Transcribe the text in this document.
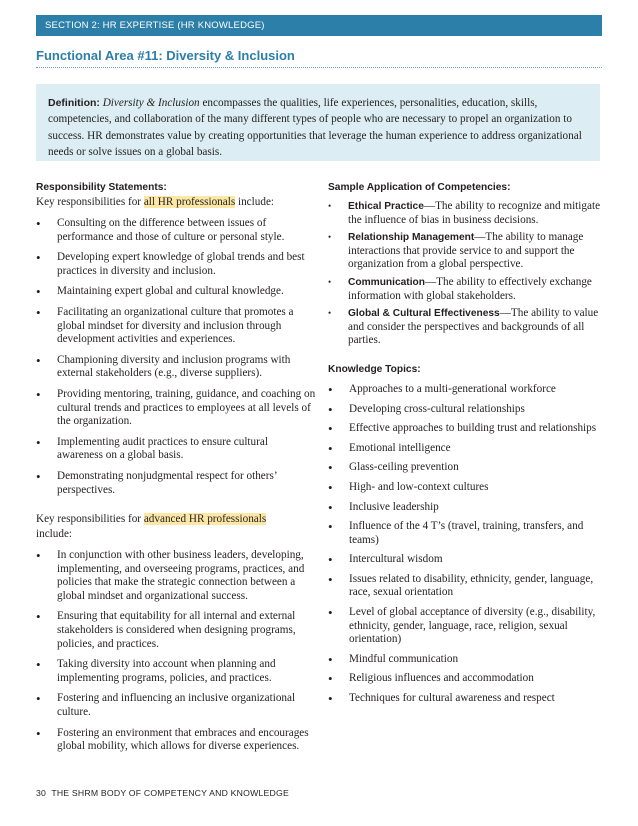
SECTION 2: HR EXPERTISE (HR KNOWLEDGE)
Functional Area #11: Diversity & Inclusion
Definition: Diversity & Inclusion encompasses the qualities, life experiences, personalities, education, skills, competencies, and collaboration of the many different types of people who are necessary to propel an organization to success. HR demonstrates value by creating opportunities that leverage the human experience to address organizational needs or solve issues on a global basis.
Responsibility Statements:
Key responsibilities for all HR professionals include:
• Consulting on the difference between issues of performance and those of culture or personal style.
• Developing expert knowledge of global trends and best practices in diversity and inclusion.
• Maintaining expert global and cultural knowledge.
• Facilitating an organizational culture that promotes a global mindset for diversity and inclusion through development activities and experiences.
• Championing diversity and inclusion programs with external stakeholders (e.g., diverse suppliers).
• Providing mentoring, training, guidance, and coaching on cultural trends and practices to employees at all levels of the organization.
• Implementing audit practices to ensure cultural awareness on a global basis.
• Demonstrating nonjudgmental respect for others’ perspectives.
Key responsibilities for advanced HR professionals
include:
• In conjunction with other business leaders, developing, implementing, and overseeing programs, practices, and policies that make the strategic connection between a global mindset and organizational success.
• Ensuring that equitability for all internal and external stakeholders is considered when designing programs, policies, and practices.
• Taking diversity into account when planning and implementing programs, policies, and practices.
• Fostering and influencing an inclusive organizational culture.
• Fostering an environment that embraces and encourages global mobility, which allows for diverse experiences.
Sample Application of Competencies:
• Ethical Practice—The ability to recognize and mitigate the influence of bias in business decisions.
• Relationship Management—The ability to manage interactions that provide service to and support the organization from a global perspective.
• Communication—The ability to effectively exchange information with global stakeholders.
• Global & Cultural Effectiveness—The ability to value and consider the perspectives and backgrounds of all parties.
Knowledge Topics:
• Approaches to a multi-generational workforce
• Developing cross-cultural relationships
• Effective approaches to building trust and relationships
• Emotional intelligence
• Glass-ceiling prevention
• High- and low-context cultures
• Inclusive leadership
• Influence of the 4 T’s (travel, training, transfers, and teams)
• Intercultural wisdom
• Issues related to disability, ethnicity, gender, language, race, sexual orientation
• Level of global acceptance of diversity (e.g., disability, ethnicity, gender, language, race, religion, sexual orientation)
• Mindful communication
• Religious influences and accommodation
• Techniques for cultural awareness and respect
30 THE SHRM BODY OF COMPETENCY AND KNOWLEDGE
